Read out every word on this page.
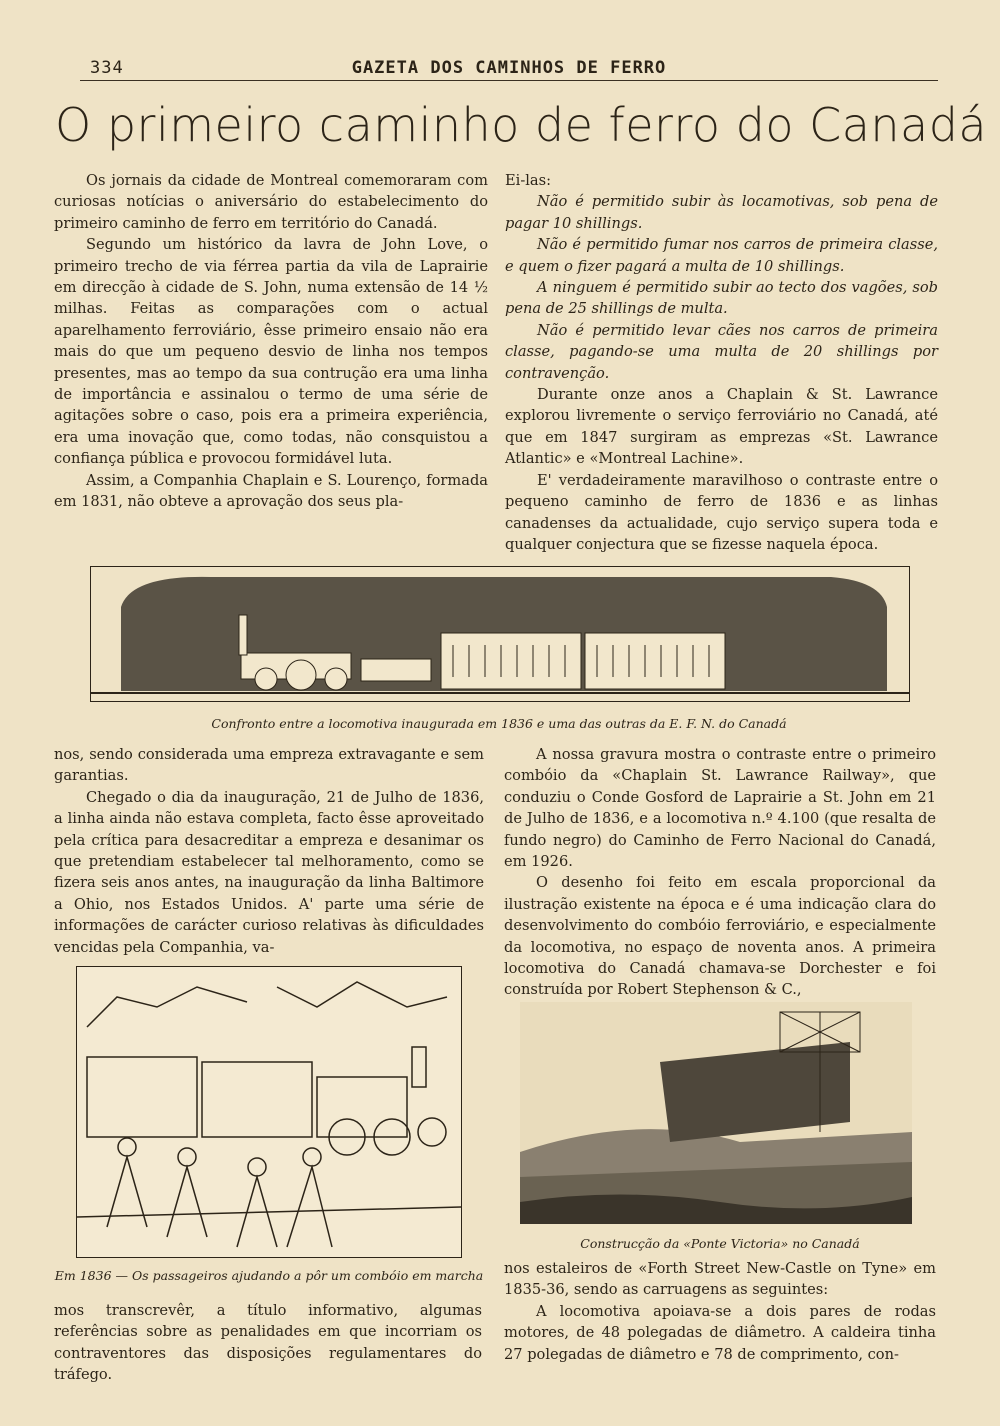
334	GAZETA DOS CAMINHOS DE FERRO
O primeiro caminho de ferro do Canadá

Os jornais da cidade de Montreal comemoraram com curiosas notícias o aniversário do estabelecimento do primeiro caminho de ferro em território do Canadá.

Segundo um histórico da lavra de John Love, o primeiro trecho de via férrea partia da vila de Laprairie em direcção à cidade de S. John, numa extensão de 14 ½ milhas. Feitas as comparações com o actual aparelhamento ferroviário, êsse primeiro ensaio não era mais do que um pequeno desvio de linha nos tempos presentes, mas ao tempo da sua contrução era uma linha de importância e assinalou o termo de uma série de agitações sobre o caso, pois era a primeira experiência, era uma inovação que, como todas, não consquistou a confiança pública e provocou formidável luta.

Assim, a Companhia Chaplain e S. Lourenço, formada em 1831, não obteve a aprovação dos seus pla-

Ei-las:

Não é permitido subir às locamotivas, sob pena de pagar 10 shillings.

Não é permitido fumar nos carros de primeira classe, e quem o fizer pagará a multa de 10 shillings.

A ninguem é permitido subir ao tecto dos vagões, sob pena de 25 shillings de multa.

Não é permitido levar cães nos carros de primeira classe, pagando-se uma multa de 20 shillings por contravenção.

Durante onze anos a Chaplain & St. Lawrance explorou livremente o serviço ferroviário no Canadá, até que em 1847 surgiram as emprezas «St. Lawrance Atlantic» e «Montreal Lachine».

E' verdadeiramente maravilhoso o contraste entre o pequeno caminho de ferro de 1836 e as linhas canadenses da actualidade, cujo serviço supera toda e qualquer conjectura que se fizesse naquela época.

Confronto entre a locomotiva inaugurada em 1836 e uma das outras da E. F. N. do Canadá

nos, sendo considerada uma empreza extravagante e sem garantias.

Chegado o dia da inauguração, 21 de Julho de 1836, a linha ainda não estava completa, facto êsse aproveitado pela crítica para desacreditar a empreza e desanimar os que pretendiam estabelecer tal melhoramento, como se fizera seis anos antes, na inauguração da linha Baltimore a Ohio, nos Estados Unidos. A' parte uma série de informações de carácter curioso relativas às dificuldades vencidas pela Companhia, va-

A nossa gravura mostra o contraste entre o primeiro combóio da «Chaplain St. Lawrance Railway», que conduziu o Conde Gosford de Laprairie a St. John em 21 de Julho de 1836, e a locomotiva n.º 4.100 (que resalta de fundo negro) do Caminho de Ferro Nacional do Canadá, em 1926.

O desenho foi feito em escala proporcional da ilustração existente na época e é uma indicação clara do desenvolvimento do combóio ferroviário, e especialmente da locomotiva, no espaço de noventa anos. A primeira locomotiva do Canadá chamava-se Dorchester e foi construída por Robert Stephenson & C.,

Em 1836 — Os passageiros ajudando a pôr um combóio em marcha

mos transcrevêr, a título informativo, algumas referências sobre as penalidades em que incorriam os contraventores das disposições regulamentares do tráfego.

Construcção da «Ponte Victoria» no Canadá

nos estaleiros de «Forth Street New-Castle on Tyne» em 1835-36, sendo as carruagens as seguintes:

A locomotiva apoiava-se a dois pares de rodas motores, de 48 polegadas de diâmetro. A caldeira tinha 27 polegadas de diâmetro e 78 de comprimento, con-
